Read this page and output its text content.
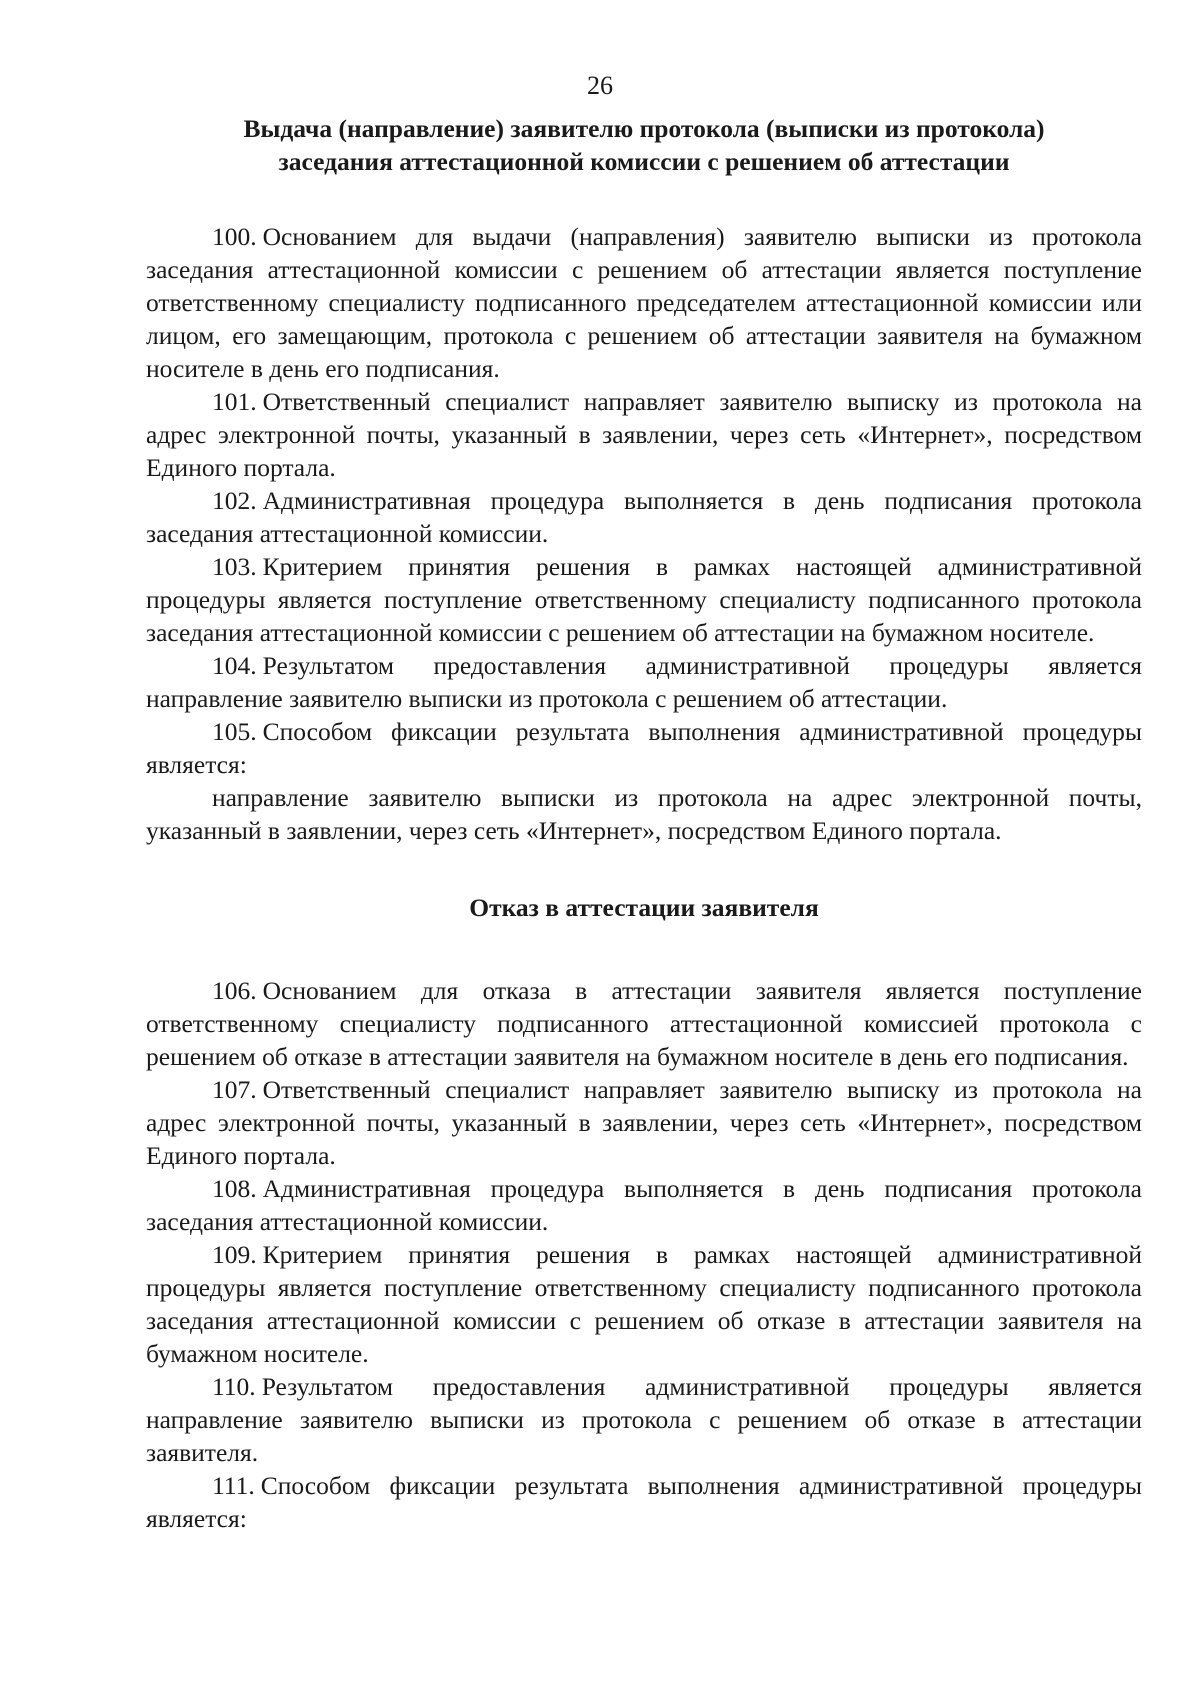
26
Выдача (направление) заявителю протокола (выписки из протокола)
заседания аттестационной комиссии с решением об аттестации

100. Основанием для выдачи (направления) заявителю выписки из протокола заседания аттестационной комиссии с решением об аттестации является поступление ответственному специалисту подписанного председателем аттестационной комиссии или лицом, его замещающим, протокола с решением об аттестации заявителя на бумажном носителе в день его подписания.

101. Ответственный специалист направляет заявителю выписку из протокола на адрес электронной почты, указанный в заявлении, через сеть «Интернет», посредством Единого портала.

102. Административная процедура выполняется в день подписания протокола заседания аттестационной комиссии.

103. Критерием принятия решения в рамках настоящей административной процедуры является поступление ответственному специалисту подписанного протокола заседания аттестационной комиссии с решением об аттестации на бумажном носителе.

104. Результатом предоставления административной процедуры является направление заявителю выписки из протокола с решением об аттестации.

105. Способом фиксации результата выполнения административной процедуры является:

направление заявителю выписки из протокола на адрес электронной почты, указанный в заявлении, через сеть «Интернет», посредством Единого портала.

Отказ в аттестации заявителя

106. Основанием для отказа в аттестации заявителя является поступление ответственному специалисту подписанного аттестационной комиссией протокола с решением об отказе в аттестации заявителя на бумажном носителе в день его подписания.

107. Ответственный специалист направляет заявителю выписку из протокола на адрес электронной почты, указанный в заявлении, через сеть «Интернет», посредством Единого портала.

108. Административная процедура выполняется в день подписания протокола заседания аттестационной комиссии.

109. Критерием принятия решения в рамках настоящей административной процедуры является поступление ответственному специалисту подписанного протокола заседания аттестационной комиссии с решением об отказе в аттестации заявителя на бумажном носителе.

110. Результатом предоставления административной процедуры является направление заявителю выписки из протокола с решением об отказе в аттестации заявителя.

111. Способом фиксации результата выполнения административной процедуры является:
